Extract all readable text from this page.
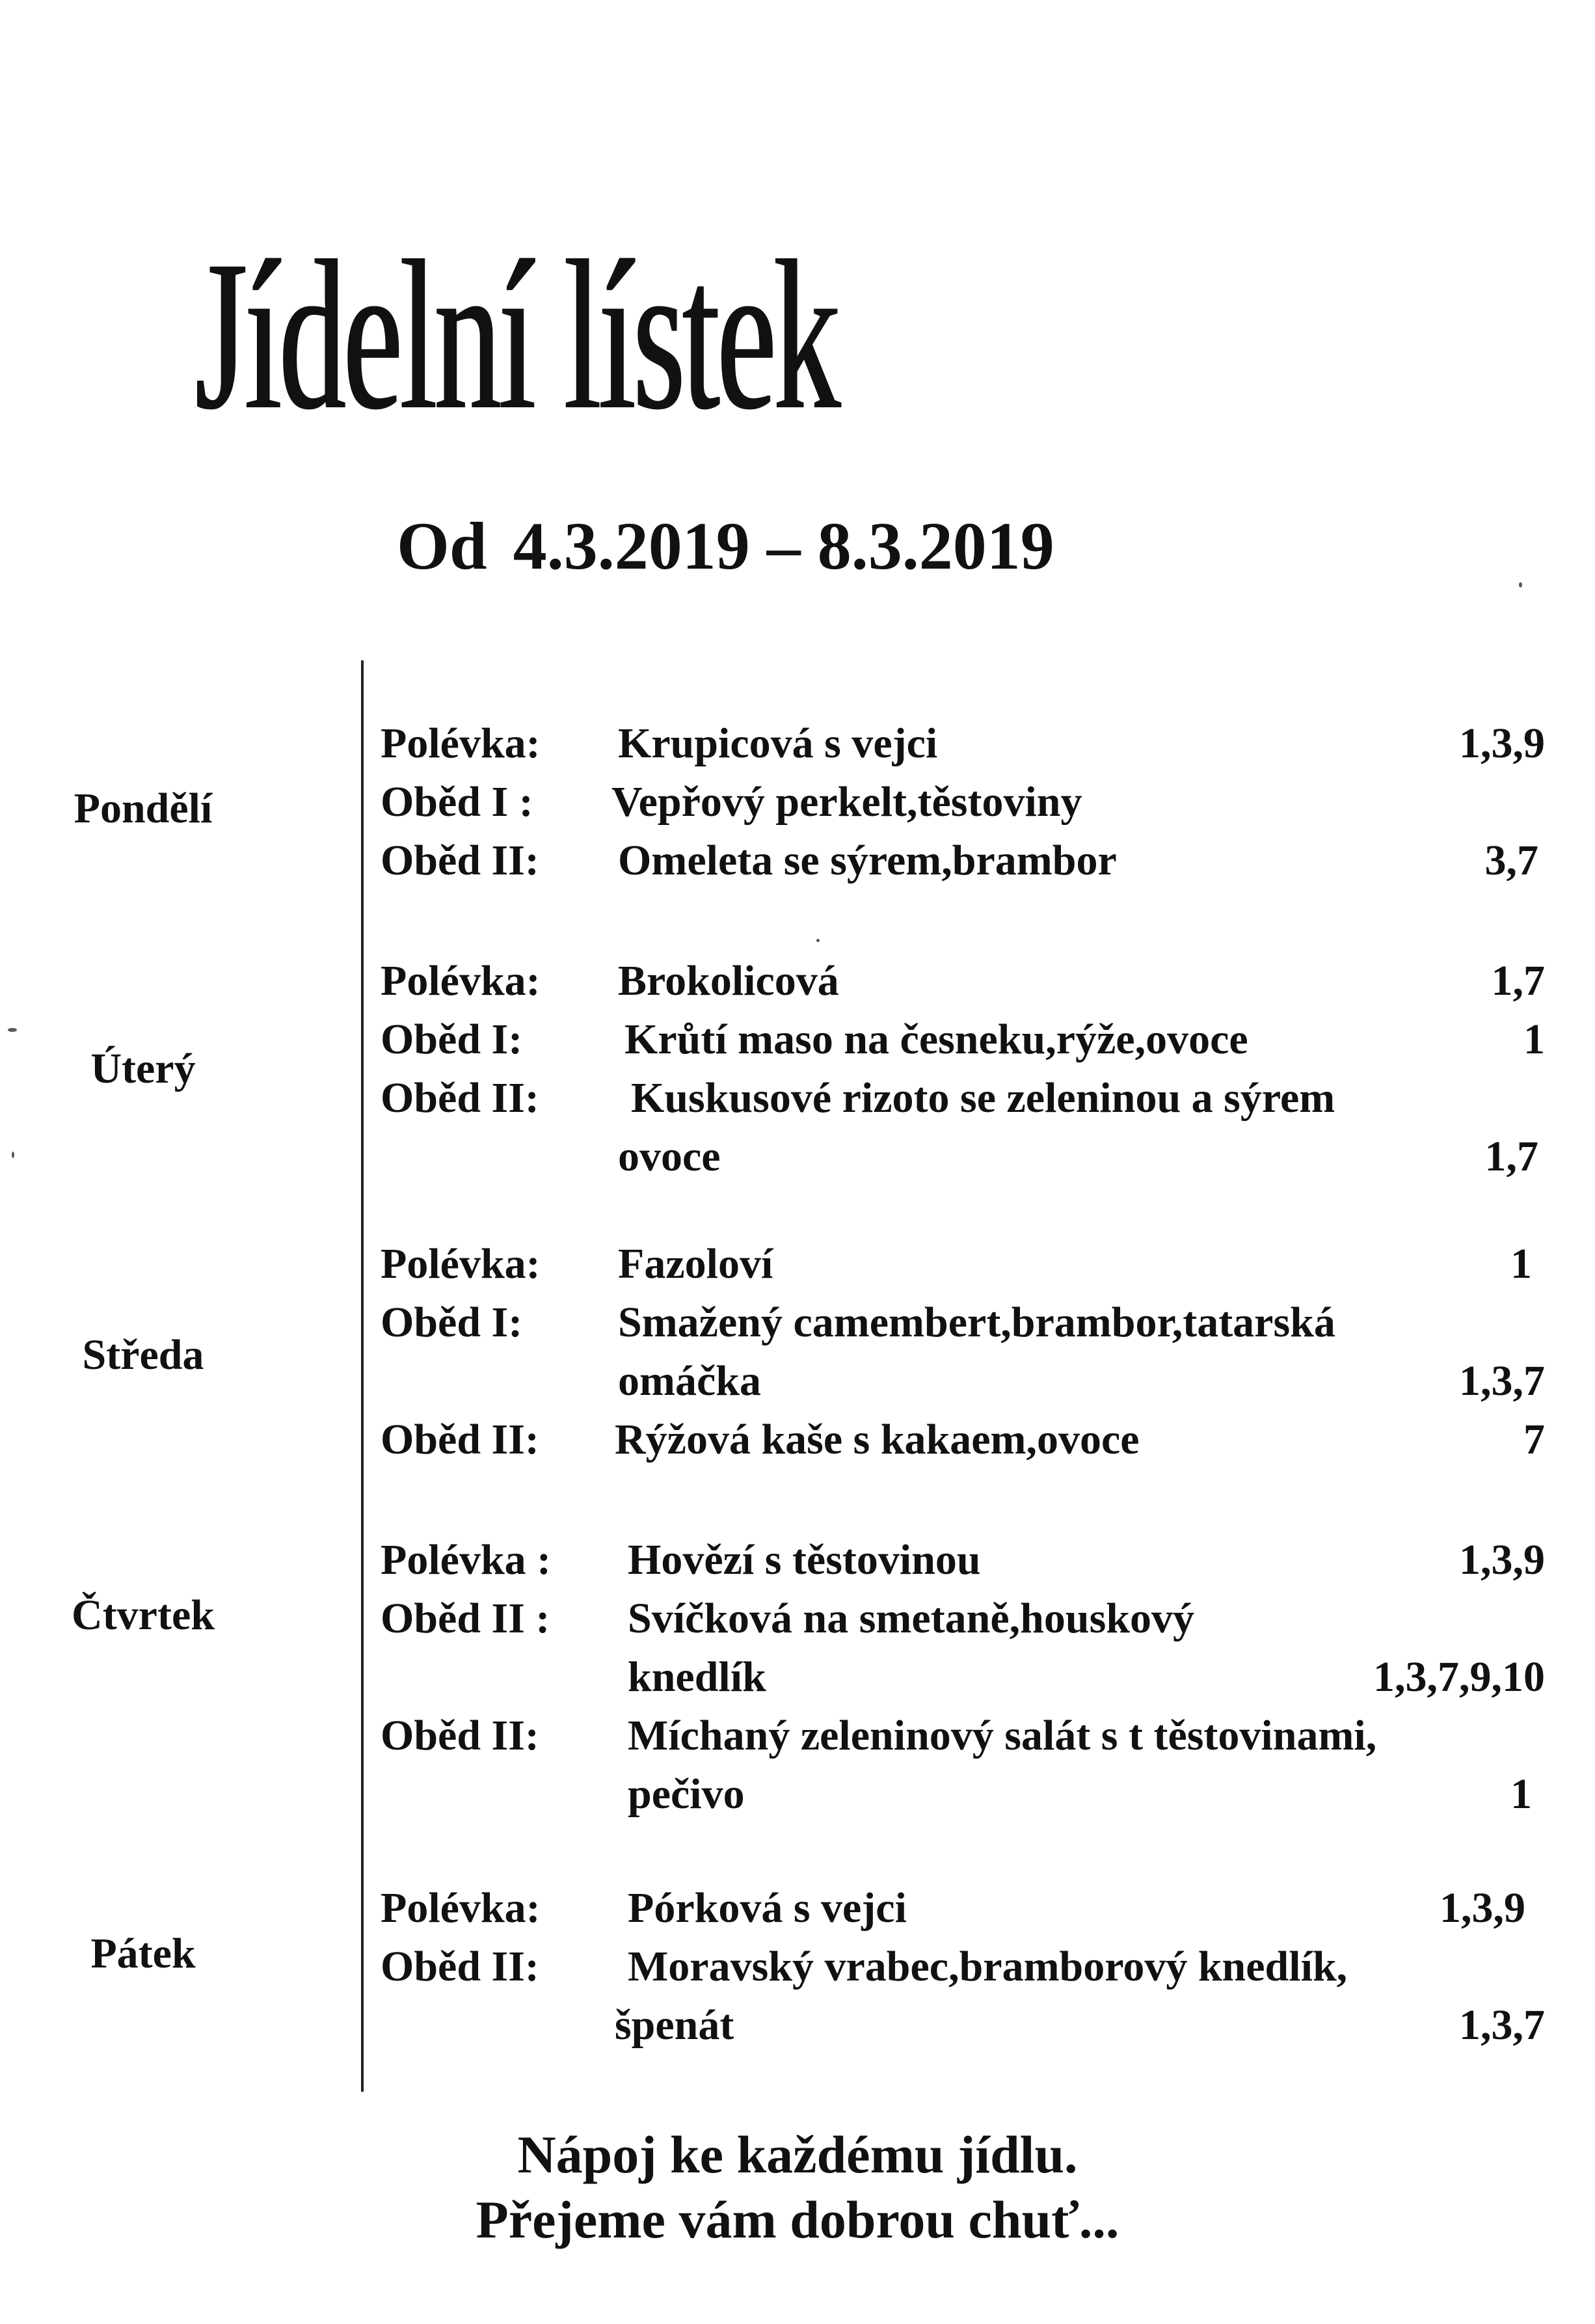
Jídelní lístek
Od 4.3.2019 – 8.3.2019
Pondělí
Polévka: Krupicová s vejci	1,3,9
Oběd I : Vepřový perkelt,těstoviny
Oběd II: Omeleta se sýrem,brambor	3,7
Úterý
Polévka: Brokolicová	1,7
Oběd I: Krůtí maso na česneku,rýže,ovoce	1
Oběd II: Kuskusové rizoto se zeleninou a sýrem
ovoce	1,7
Středa
Polévka: Fazoloví	1
Oběd I: Smažený camembert,brambor,tatarská
omáčka	1,3,7
Oběd II: Rýžová kaše s kakaem,ovoce	7
Čtvrtek
Polévka : Hovězí s těstovinou	1,3,9
Oběd II : Svíčková na smetaně,houskový
knedlík	1,3,7,9,10
Oběd II: Míchaný zeleninový salát s t těstovinami,
pečivo	1
Pátek
Polévka: Pórková s vejci	1,3,9
Oběd II: Moravský vrabec,bramborový knedlík,
špenát	1,3,7
Nápoj ke každému jídlu.
Přejeme vám dobrou chuť...
